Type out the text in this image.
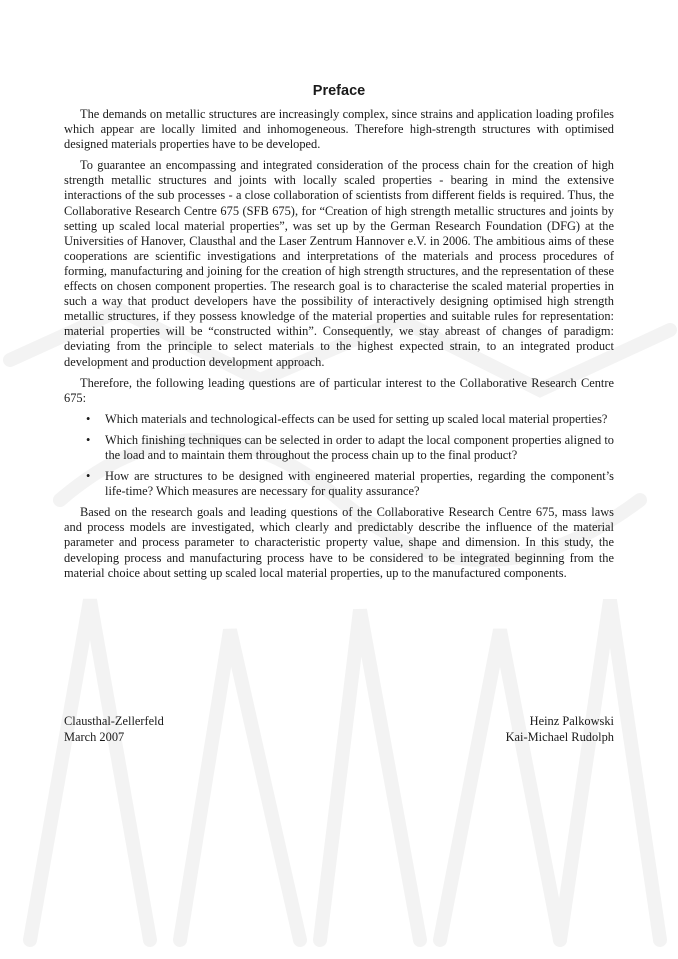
Preface

The demands on metallic structures are increasingly complex, since strains and application loading profiles which appear are locally limited and inhomogeneous. Therefore high-strength structures with optimised designed materials properties have to be developed.

To guarantee an encompassing and integrated consideration of the process chain for the creation of high strength metallic structures and joints with locally scaled properties - bearing in mind the extensive interactions of the sub processes - a close collaboration of scientists from different fields is required. Thus, the Collaborative Research Centre 675 (SFB 675), for “Creation of high strength metallic structures and joints by setting up scaled local material properties”, was set up by the German Research Foundation (DFG) at the Universities of Hanover, Clausthal and the Laser Zentrum Hannover e.V. in 2006. The ambitious aims of these cooperations are scientific investigations and interpretations of the materials and process procedures of forming, manufacturing and joining for the creation of high strength structures, and the representation of these effects on chosen component properties. The research goal is to characterise the scaled material properties in such a way that product developers have the possibility of interactively designing optimised high strength metallic structures, if they possess knowledge of the material properties and suitable rules for representation: material properties will be “constructed within”. Consequently, we stay abreast of changes of paradigm: deviating from the principle to select materials to the highest expected strain, to an integrated product development and production development approach.

Therefore, the following leading questions are of particular interest to the Collaborative Research Centre 675:

• Which materials and technological-effects can be used for setting up scaled local material properties?
• Which finishing techniques can be selected in order to adapt the local component properties aligned to the load and to maintain them throughout the process chain up to the final product?
• How are structures to be designed with engineered material properties, regarding the component’s life-time? Which measures are necessary for quality assurance?

Based on the research goals and leading questions of the Collaborative Research Centre 675, mass laws and process models are investigated, which clearly and predictably describe the influence of the material parameter and process parameter to characteristic property value, shape and dimension. In this study, the developing process and manufacturing process have to be considered to be integrated beginning from the material choice about setting up scaled local material properties, up to the manufactured components.

Clausthal-Zellerfeld
March 2007
Heinz Palkowski
Kai-Michael Rudolph
